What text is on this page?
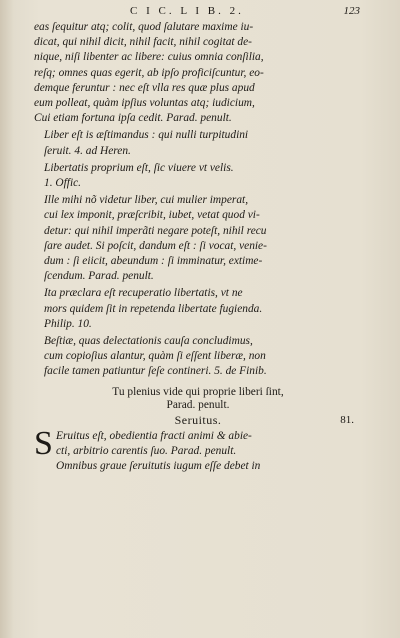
C I C. L I B. 2.	123
eas ſequitur atq; colit, quod ſalutare maxime iu-
dicat, qui nihil dicit, nihil facit, nihil cogitat de-
nique, niſi libenter ac libere: cuius omnia conſilia,
reſq; omnes quas egerit, ab ipſo proficiſcuntur, eo-
demque feruntur : nec eſt vlla res quæ plus apud
eum polleat, quàm ipſius voluntas atq; iudicium,
Cui etiam fortuna ipſa cedit. Parad. penult.
Liber eſt is æſtimandus : qui nulli turpitudini
ſeruit. 4. ad Heren.
Libertatis proprium eſt, ſic viuere vt velis.
1. Offic.
Ille mihi nõ videtur liber, cui mulier imperat,
cui lex imponit, præſcribit, iubet, vetat quod vi-
detur: qui nihil imperãti negare poteſt, nihil recu
ſare audet. Si poſcit, dandum eſt : ſi vocat, venie-
dum : ſi eiicit, abeundum : ſi imminatur, extime-
ſcendum. Parad. penult.
Ita præclara eſt recuperatio libertatis, vt ne
mors quidem ſit in repetenda libertate fugienda.
Philip. 10.
Beſtiæ, quas delectationis cauſa concludimus,
cum copioſius alantur, quàm ſi eſſent liberæ, non
facile tamen patiuntur ſeſe contineri. 5. de Finib.
Tu plenius vide qui proprie liberi ſint,
Parad. penult.
Seruitus.	81.
S Eruitus eſt, obedientia fracti animi & abie-
cti, arbitrio carentis ſuo. Parad. penult.
Omnibus graue ſeruitutis iugum eſſe debet in
